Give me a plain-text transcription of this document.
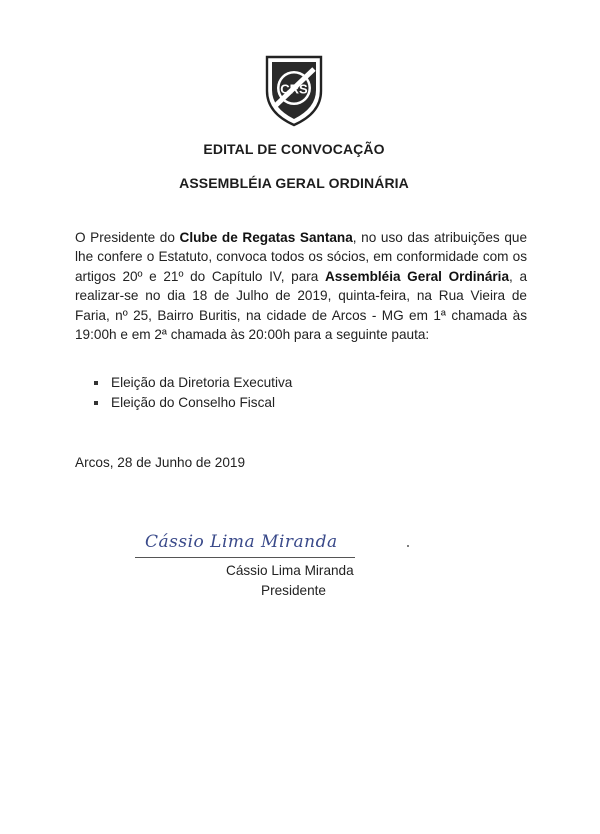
CRS
EDITAL DE CONVOCAÇÃO
ASSEMBLÉIA GERAL ORDINÁRIA

O Presidente do Clube de Regatas Santana, no uso das atribuições que lhe confere o Estatuto, convoca todos os sócios, em conformidade com os artigos 20º e 21º do Capítulo IV, para Assembléia Geral Ordinária, a realizar-se no dia 18 de Julho de 2019, quinta-feira, na Rua Vieira de Faria, nº 25, Bairro Buritis, na cidade de Arcos - MG em 1ª chamada às 19:00h e em 2ª chamada às 20:00h para a seguinte pauta:

Eleição da Diretoria Executiva
Eleição do Conselho Fiscal
Arcos, 28 de Junho de 2019
Cássio Lima Miranda
Cássio Lima Miranda
Presidente
